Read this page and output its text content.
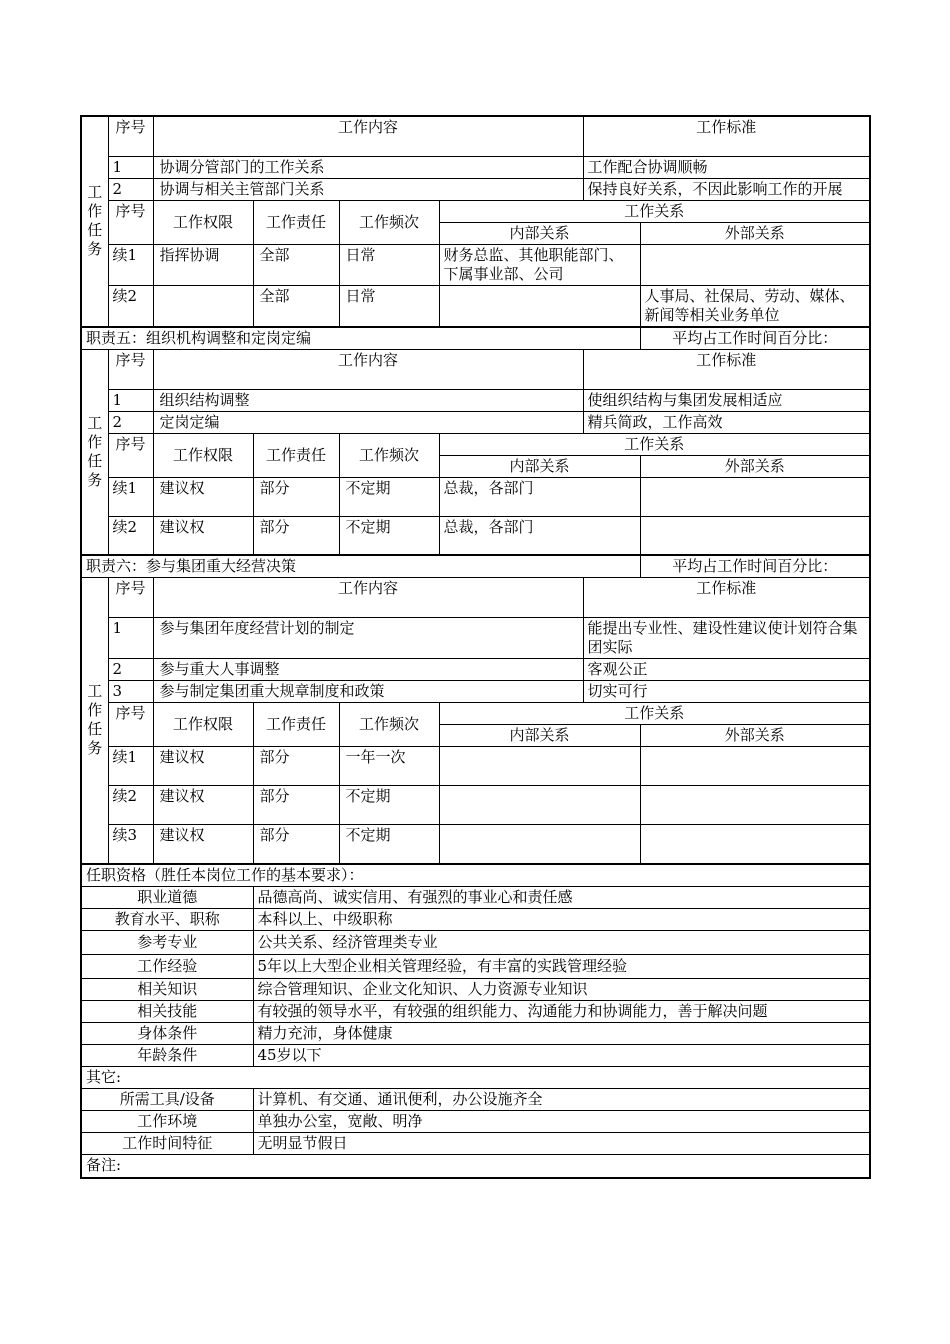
工作任务	序号	工作内容				工作标准	
	1	协调分管部门的工作关系				工作配合协调顺畅	
	2	协调与相关主管部门关系				保持良好关系，不因此影响工作的开展	
	序号	工作权限	工作责任	工作频次	工作关系		
					内部关系		外部关系
	续1	指挥协调	全部	日常	财务总监、其他职能部门、下属事业部、公司		
	续2		全部	日常			人事局、社保局、劳动、媒体、新闻等相关业务单位
职责五：组织机构调整和定岗定编							平均占工作时间百分比：
工作任务	序号	工作内容				工作标准	
	1	组织结构调整				使组织结构与集团发展相适应	
	2	定岗定编				精兵简政，工作高效	
	序号	工作权限	工作责任	工作频次	工作关系		
					内部关系		外部关系
	续1	建议权	部分	不定期	总裁，各部门		
	续2	建议权	部分	不定期	总裁，各部门		
职责六：参与集团重大经营决策							平均占工作时间百分比：
工作任务	序号	工作内容				工作标准	
	1	参与集团年度经营计划的制定				能提出专业性、建设性建议使计划符合集团实际	
	2	参与重大人事调整				客观公正	
	3	参与制定集团重大规章制度和政策				切实可行	
	序号	工作权限	工作责任	工作频次	工作关系		
					内部关系		外部关系
	续1	建议权	部分	一年一次			
	续2	建议权	部分	不定期			
	续3	建议权	部分	不定期			
任职资格（胜任本岗位工作的基本要求）：							
职业道德			品德高尚、诚实信用、有强烈的事业心和责任感				
教育水平、职称			本科以上、中级职称				
参考专业			公共关系、经济管理类专业				
工作经验			5年以上大型企业相关管理经验，有丰富的实践管理经验				
相关知识			综合管理知识、企业文化知识、人力资源专业知识				
相关技能			有较强的领导水平，有较强的组织能力、沟通能力和协调能力，善于解决问题				
身体条件			精力充沛，身体健康				
年龄条件			45岁以下				
其它:							
所需工具/设备			计算机、有交通、通讯便利，办公设施齐全				
工作环境			单独办公室，宽敞、明净				
工作时间特征			无明显节假日				
备注:							
